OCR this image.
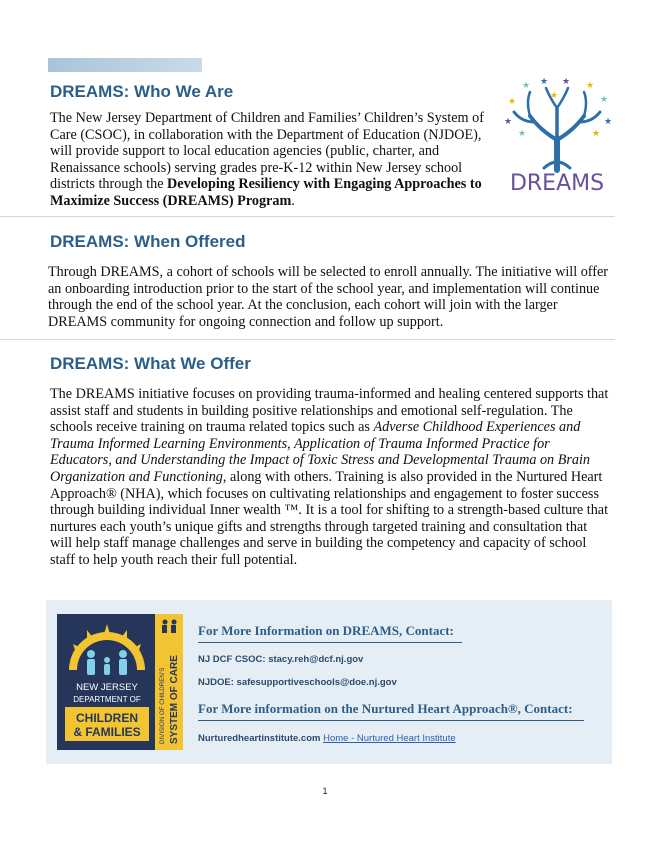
DREAMS: Who We Are

The New Jersey Department of Children and Families’ Children’s System of Care (CSOC), in collaboration with the Department of Education (NJDOE), will provide support to local education agencies (public, charter, and Renaissance schools) serving grades pre-K-12 within New Jersey school districts through the Developing Resiliency with Engaging Approaches to Maximize Success (DREAMS) Program.

★
★ ★ ★ ★
★
★	★
★	★
★
DREAMS
DREAMS: When Offered

Through DREAMS, a cohort of schools will be selected to enroll annually. The initiative will offer an onboarding introduction prior to the start of the school year, and implementation will continue through the end of the school year. At the conclusion, each cohort will join with the larger DREAMS community for ongoing connection and follow up support.

DREAMS: What We Offer

The DREAMS initiative focuses on providing trauma-informed and healing centered supports that assist staff and students in building positive relationships and emotional self-regulation. The schools receive training on trauma related topics such as Adverse Childhood Experiences and Trauma Informed Learning Environments, Application of Trauma Informed Practice for Educators, and Understanding the Impact of Toxic Stress and Developmental Trauma on Brain Organization and Functioning, along with others. Training is also provided in the Nurtured Heart Approach® (NHA), which focuses on cultivating relationships and engagement to foster success through building individual Inner wealth ™. It is a tool for shifting to a strength-based culture that nurtures each youth’s unique gifts and strengths through targeted training and consultation that will help staff manage challenges and serve in building the competency and capacity of school staff to help youth reach their full potential.

NEW JERSEY
DEPARTMENT OF
CHILDREN
& FAMILIES	DIVISION OF CHILDREN’S SYSTEM OF CARE
For More Information on DREAMS, Contact:
NJ DCF CSOC: stacy.reh@dcf.nj.gov
NJDOE: safesupportiveschools@doe.nj.gov
For More information on the Nurtured Heart Approach®, Contact:
Nurturedheartinstitute.com Home - Nurtured Heart Institute
1
